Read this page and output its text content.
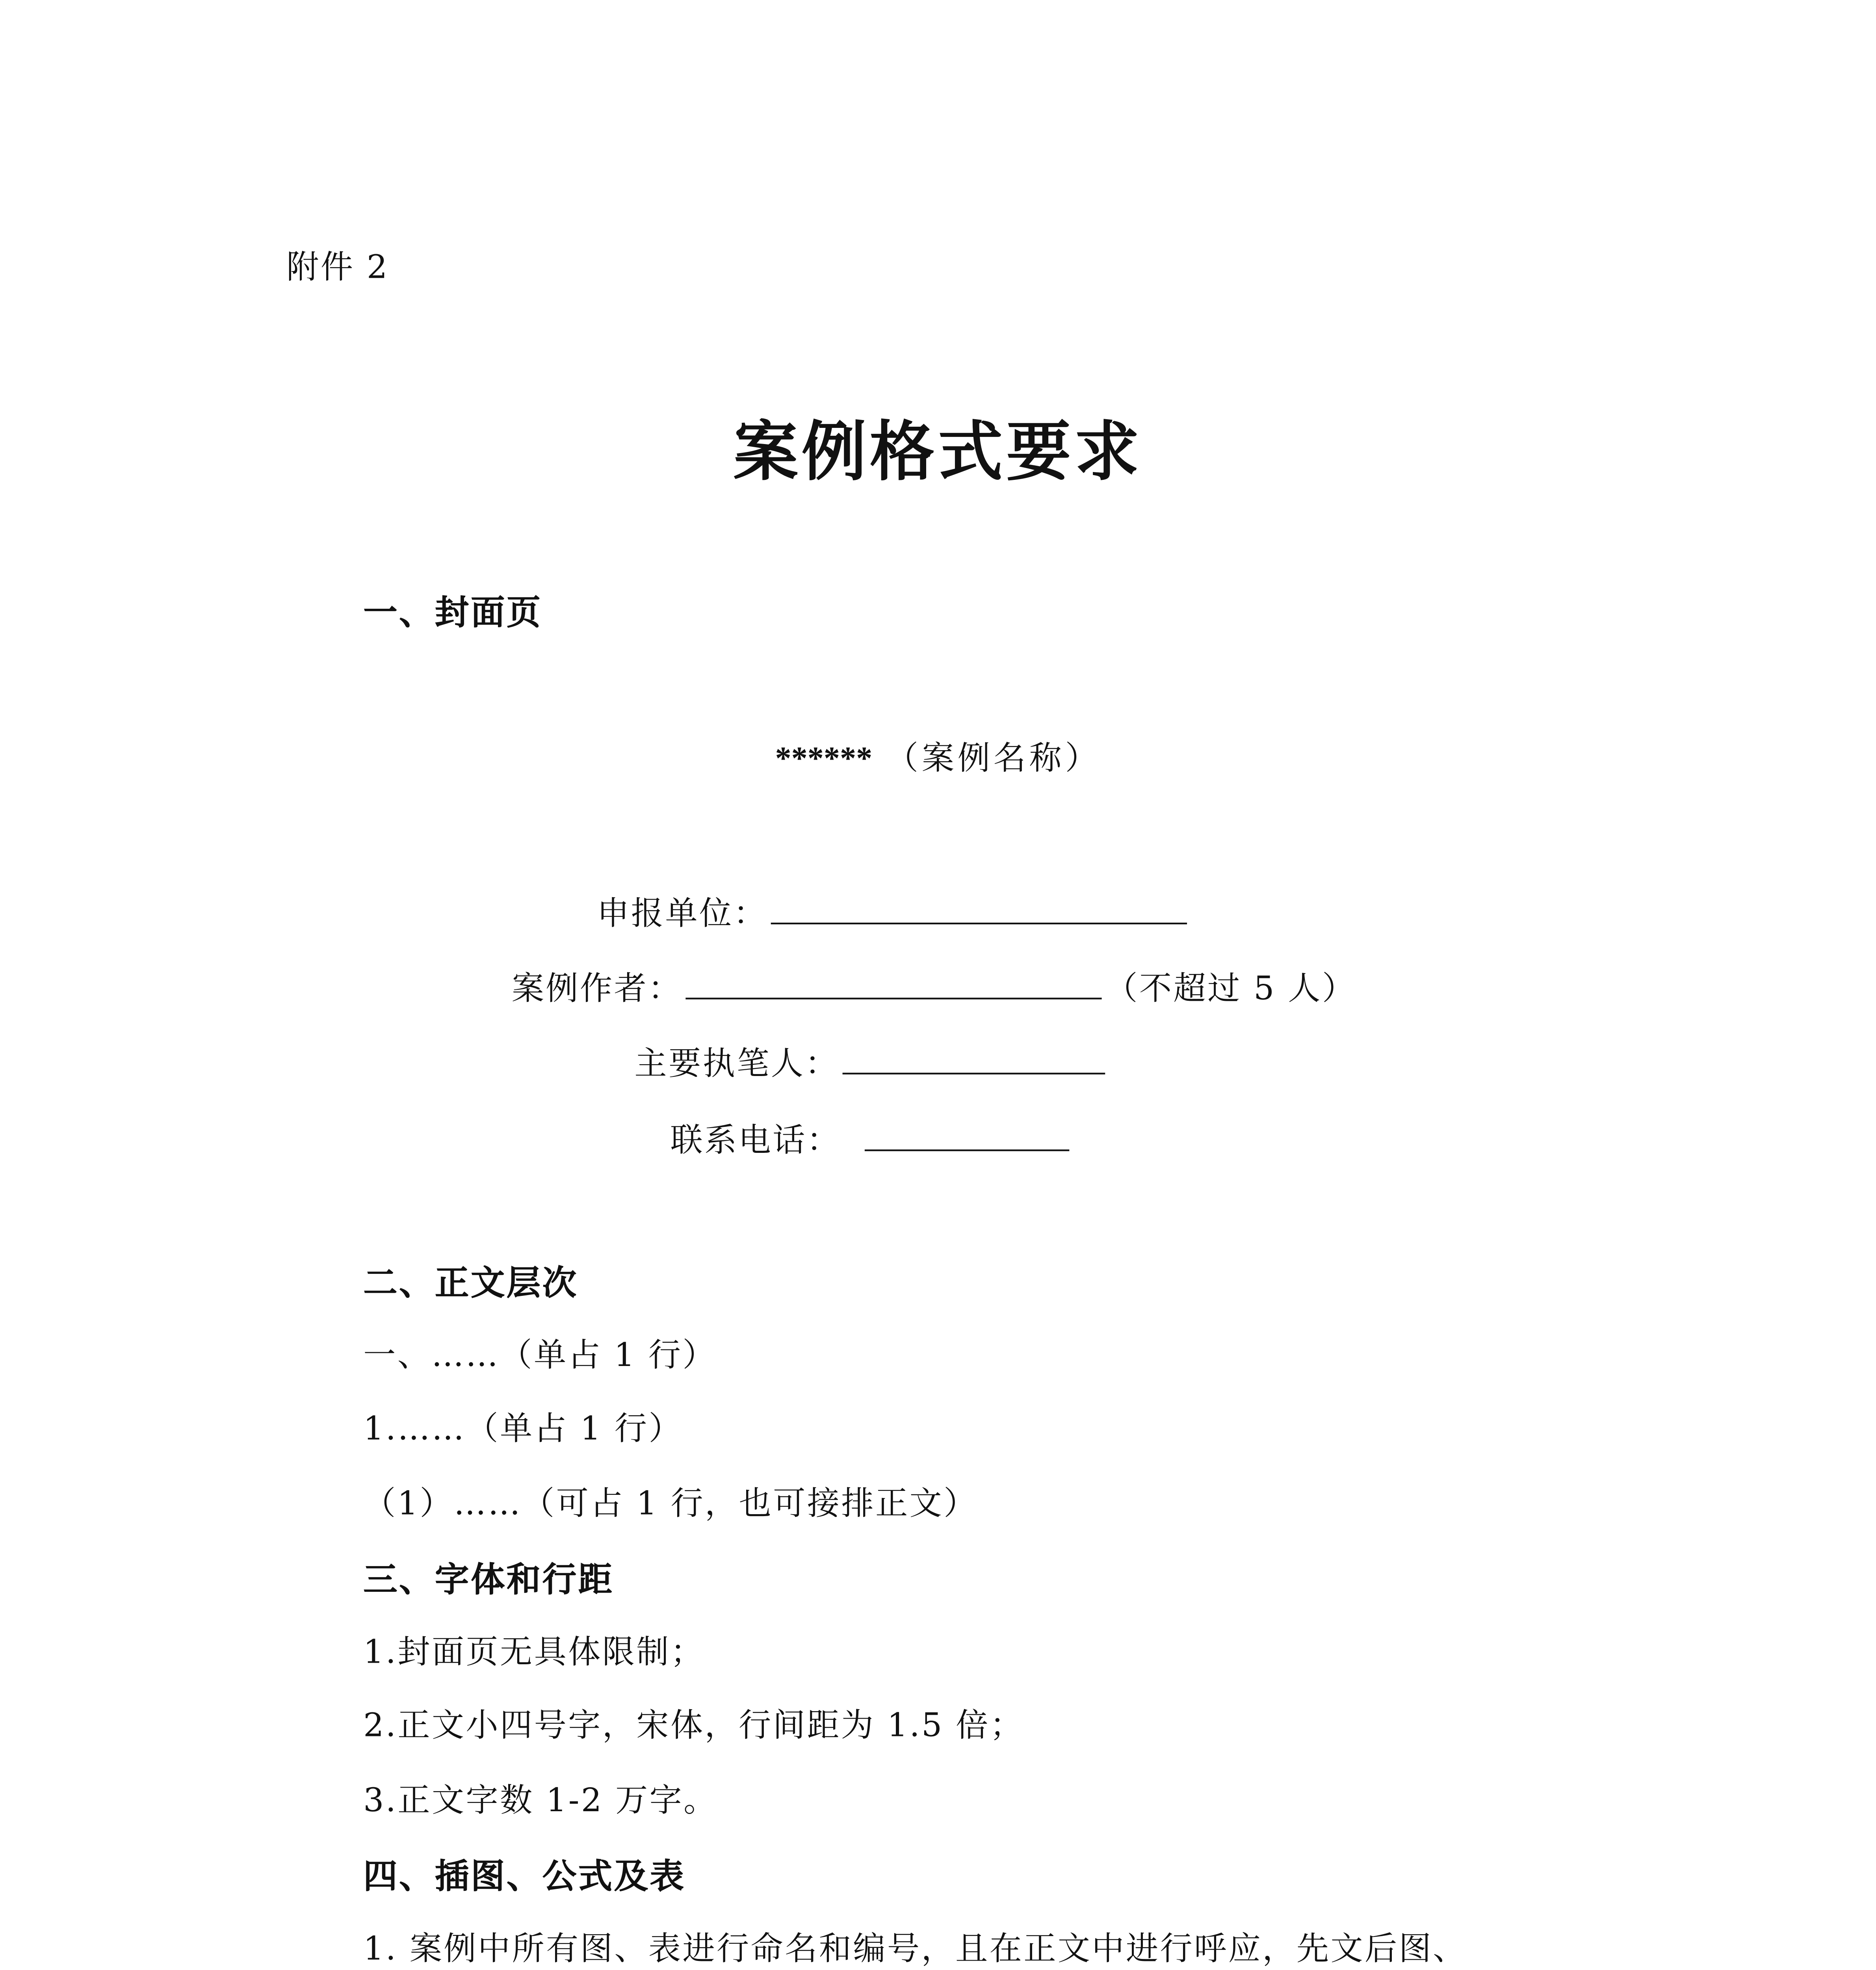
附件 2
案例格式要求
一、封面页
****** （案例名称）
申报单位：
案例作者：	（不超过 5 人）
主要执笔人：
联系电话：
二、正文层次
一、……（单占 1 行）
1.……（单占 1 行）
（1）……（可占 1 行，也可接排正文）
三、字体和行距
1.封面页无具体限制；
2.正文小四号字，宋体，行间距为 1.5 倍；
3.正文字数 1-2 万字。
四、插图、公式及表
1. 案例中所有图、表进行命名和编号，且在正文中进行呼应，先文后图、
